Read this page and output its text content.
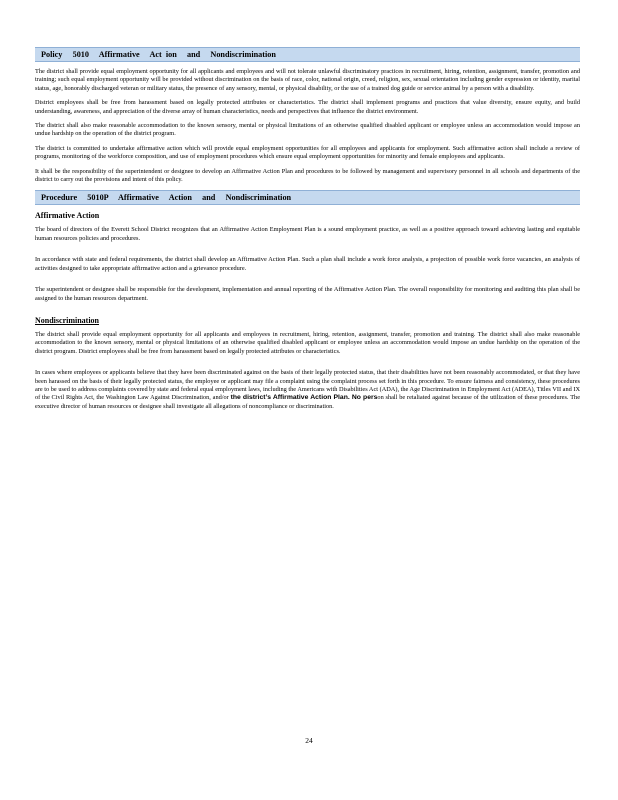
Policy     5010     Affirmative     Act  ion     and     Nondiscrimination

The district shall provide equal employment opportunity for all applicants and employees and will not tolerate unlawful discriminatory practices in recruitment, hiring, retention, assignment, transfer, promotion and training; such equal employment opportunity will be provided without discrimination on the basis of race, color, national origin, creed, religion, sex, sexual orientation including gender expression or identity, marital status, age, honorably discharged veteran or military status, the presence of any sensory, mental, or physical disability, or the use of a trained dog guide or service animal by a person with a disability.

District employees shall be free from harassment based on legally protected attributes or characteristics. The district shall implement programs and practices that value diversity, ensure equity, and build understanding, awareness, and appreciation of the diverse array of human characteristics, needs and perspectives that influence the district environment.

The district shall also make reasonable accommodation to the known sensory, mental or physical limitations of an otherwise qualified disabled applicant or employee unless an accommodation would impose an undue hardship on the operation of the district program.

The district is committed to undertake affirmative action which will provide equal employment opportunities for all employees and applicants for employment. Such affirmative action shall include a review of programs, monitoring of the workforce composition, and use of employment procedures which ensure equal employment opportunities for minority and female employees and applicants.

It shall be the responsibility of the superintendent or designee to develop an Affirmative Action Plan and procedures to be followed by management and supervisory personnel in all schools and departments of the district to carry out the provisions and intent of this policy.

Procedure     5010P     Affirmative     Action     and     Nondiscrimination
Affirmative Action

The board of directors of the Everett School District recognizes that an Affirmative Action Employment Plan is a sound employment practice, as well as a positive approach toward achieving lasting and equitable human resources policies and procedures.

In accordance with state and federal requirements, the district shall develop an Affirmative Action Plan. Such a plan shall include a work force analysis, a projection of possible work force vacancies, an analysis of activities designed to take appropriate affirmative action and a grievance procedure.

The superintendent or designee shall be responsible for the development, implementation and annual reporting of the Affirmative Action Plan. The overall responsibility for monitoring and auditing this plan shall be assigned to the human resources department.

Nondiscrimination

The district shall provide equal employment opportunity for all applicants and employees in recruitment, hiring, retention, assignment, transfer, promotion and training. The district shall also make reasonable accommodation to the known sensory, mental or physical limitations of an otherwise qualified disabled applicant or employee unless an accommodation would impose an undue hardship on the operation of the district program. District employees shall be free from harassment based on legally protected attributes or characteristics.

In cases where employees or applicants believe that they have been discriminated against on the basis of their legally protected status, that their disabilities have not been reasonably accommodated, or that they have been harassed on the basis of their legally protected status, the employee or applicant may file a complaint using the complaint process set forth in this procedure. To ensure fairness and consistency, these procedures are to be used to address complaints covered by state and federal equal employment laws, including the Americans with Disabilities Act (ADA), the Age Discrimination in Employment Act (ADEA), Titles VII and IX of the Civil Rights Act, the Washington Law Against Discrimination, and/or the district’s Affirmative Action Plan. No person shall be retaliated against because of the utilization of these procedures. The executive director of human resources or designee shall investigate all allegations of noncompliance or discrimination.

24
